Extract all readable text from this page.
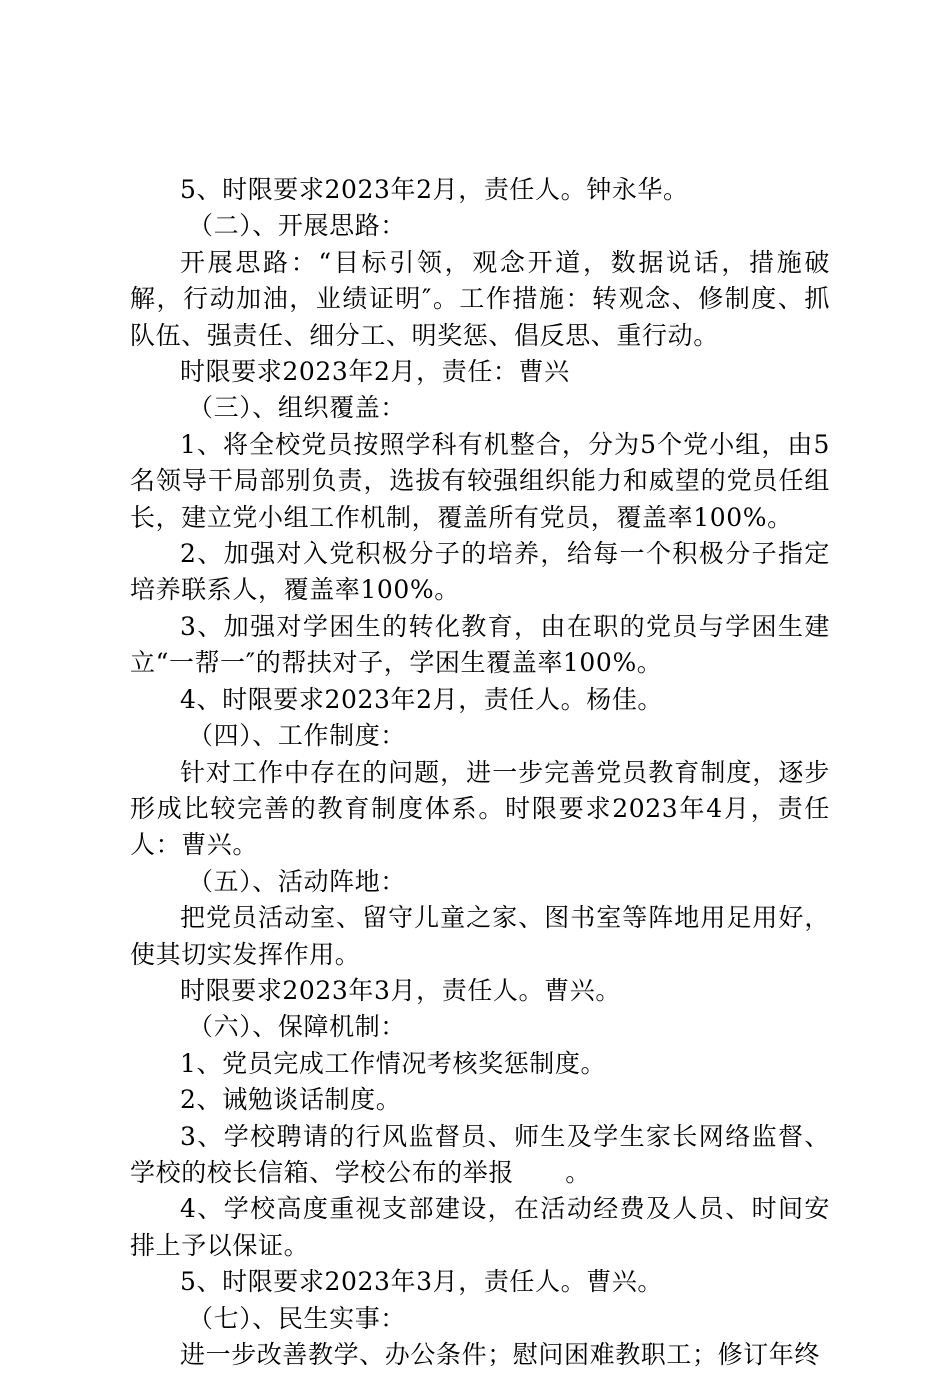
5、时限要求2023年2月，责任人。钟永华。

（二）、开展思路：

开展思路：“目标引领，观念开道，数据说话，措施破解，行动加油，业绩证明″。工作措施：转观念、修制度、抓队伍、强责任、细分工、明奖惩、倡反思、重行动。

时限要求2023年2月，责任：曹兴

（三）、组织覆盖：

1、将全校党员按照学科有机整合，分为5个党小组，由5名领导干局部别负责，选拔有较强组织能力和威望的党员任组长，建立党小组工作机制，覆盖所有党员，覆盖率100%。

2、加强对入党积极分子的培养，给每一个积极分子指定培养联系人，覆盖率100%。

3、加强对学困生的转化教育，由在职的党员与学困生建立“一帮一″的帮扶对子，学困生覆盖率100%。

4、时限要求2023年2月，责任人。杨佳。

（四）、工作制度：

针对工作中存在的问题，进一步完善党员教育制度，逐步形成比较完善的教育制度体系。时限要求2023年4月，责任人：曹兴。

（五）、活动阵地：

把党员活动室、留守儿童之家、图书室等阵地用足用好，使其切实发挥作用。

时限要求2023年3月，责任人。曹兴。

（六）、保障机制：

1、党员完成工作情况考核奖惩制度。

2、诫勉谈话制度。

3、学校聘请的行风监督员、师生及学生家长网络监督、学校的校长信箱、学校公布的举报　　。

4、学校高度重视支部建设，在活动经费及人员、时间安排上予以保证。

5、时限要求2023年3月，责任人。曹兴。

（七）、民生实事：

进一步改善教学、办公条件；慰问困难教职工；修订年终
